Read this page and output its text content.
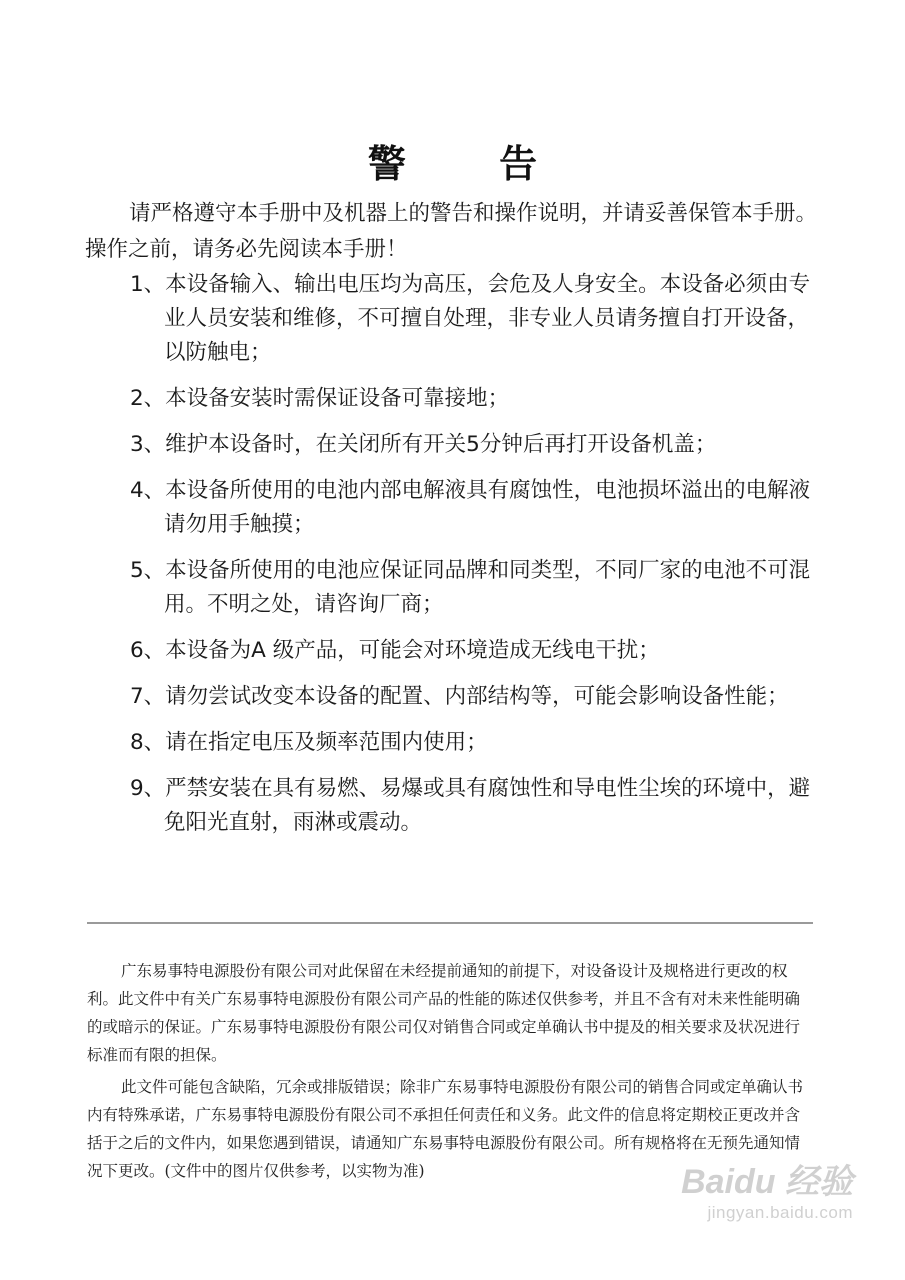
警 告

请严格遵守本手册中及机器上的警告和操作说明，并请妥善保管本手册。操作之前，请务必先阅读本手册！

1、本设备输入、输出电压均为高压，会危及人身安全。本设备必须由专业人员安装和维修，不可擅自处理，非专业人员请务擅自打开设备，以防触电；
2、本设备安装时需保证设备可靠接地；
3、维护本设备时，在关闭所有开关5分钟后再打开设备机盖；
4、本设备所使用的电池内部电解液具有腐蚀性，电池损坏溢出的电解液请勿用手触摸；
5、本设备所使用的电池应保证同品牌和同类型，不同厂家的电池不可混用。不明之处，请咨询厂商；
6、本设备为A 级产品，可能会对环境造成无线电干扰；
7、请勿尝试改变本设备的配置、内部结构等，可能会影响设备性能；
8、请在指定电压及频率范围内使用；
9、严禁安装在具有易燃、易爆或具有腐蚀性和导电性尘埃的环境中，避免阳光直射，雨淋或震动。

广东易事特电源股份有限公司对此保留在未经提前通知的前提下，对设备设计及规格进行更改的权利。此文件中有关广东易事特电源股份有限公司产品的性能的陈述仅供参考，并且不含有对未来性能明确的或暗示的保证。广东易事特电源股份有限公司仅对销售合同或定单确认书中提及的相关要求及状况进行标准而有限的担保。

此文件可能包含缺陷，冗余或排版错误；除非广东易事特电源股份有限公司的销售合同或定单确认书内有特殊承诺，广东易事特电源股份有限公司不承担任何责任和义务。此文件的信息将定期校正更改并含括于之后的文件内，如果您遇到错误，请通知广东易事特电源股份有限公司。所有规格将在无预先通知情况下更改。(文件中的图片仅供参考，以实物为准)	Baidu 经验
jingyan.baidu.com
